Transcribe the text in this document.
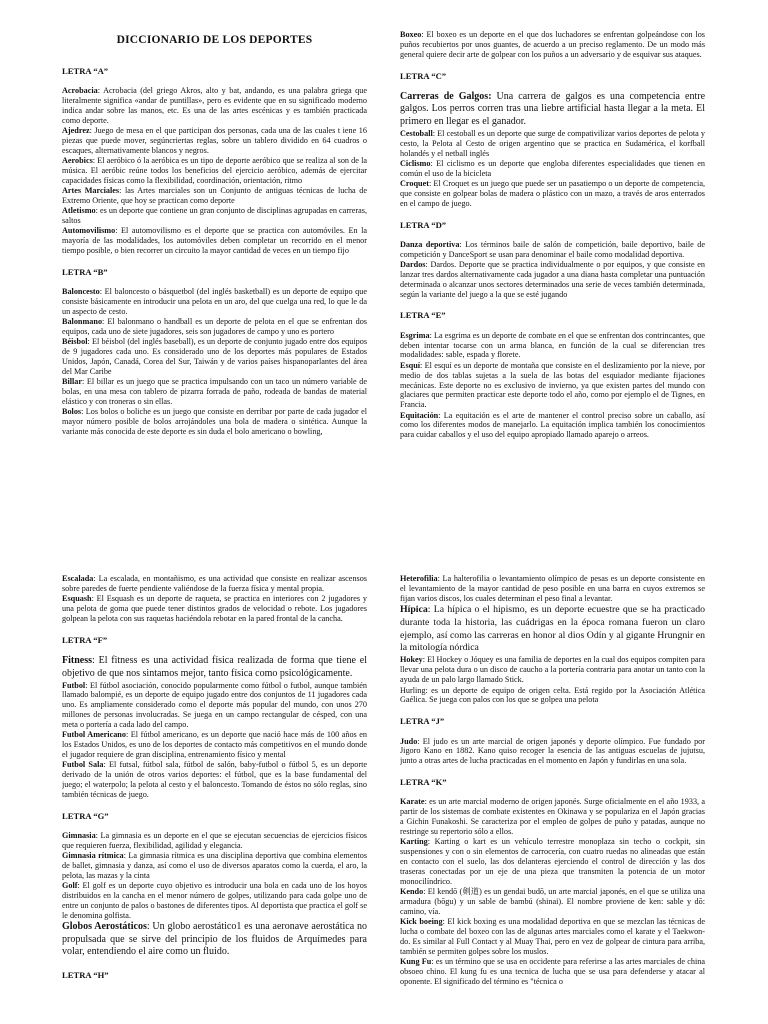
DICCIONARIO DE LOS DEPORTES
LETRA “A”

Acrobacia: Acrobacia (del griego Akros, alto y bat, andando, es una palabra griega que literalmente significa «andar de puntillas», pero es evidente que en su significado moderno indica andar sobre las manos, etc. Es una de las artes escénicas y es también practicada como deporte.

Ajedrez: Juego de mesa en el que participan dos personas, cada una de las cuales t iene 16 piezas que puede mover, segúncriertas reglas, sobre un tablero dividido en 64 cuadros o escaques, alternativamente blancos y negros.

Aerobics: El aeróbico ó la aeróbica es un tipo de deporte aeróbico que se realiza al son de la música. El aeróbic reúne todos los beneficios del ejercicio aeróbico, además de ejercitar capacidades físicas como la flexibilidad, coordinación, orientación, ritmo

Artes Marciales: las Artes marciales son un Conjunto de antiguas técnicas de lucha de Extremo Oriente, que hoy se practican como deporte

Atletismo: es un deporte que contiene un gran conjunto de disciplinas agrupadas en carreras, saltos

Automovilismo: El automovilismo es el deporte que se practica con automóviles. En la mayoría de las modalidades, los automóviles deben completar un recorrido en el menor tiempo posible, o bien recorrer un circuito la mayor cantidad de veces en un tiempo fijo

LETRA “B”

Baloncesto: El baloncesto o básquetbol (del inglés basketball) es un deporte de equipo que consiste básicamente en introducir una pelota en un aro, del que cuelga una red, lo que le da un aspecto de cesto.

Balonmano: El balonmano o handball es un deporte de pelota en el que se enfrentan dos equipos, cada uno de siete jugadores, seis son jugadores de campo y uno es portero

Béisbol: El béisbol (del inglés baseball), es un deporte de conjunto jugado entre dos equipos de 9 jugadores cada uno. Es considerado uno de los deportes más populares de Estados Unidos, Japón, Canadá, Corea del Sur, Taiwán y de varios países hispanoparlantes del área del Mar Caribe

Billar: El billar es un juego que se practica impulsando con un taco un número variable de bolas, en una mesa con tablero de pizarra forrada de paño, rodeada de bandas de material elástico y con troneras o sin ellas.

Bolos: Los bolos o boliche es un juego que consiste en derribar por parte de cada jugador el mayor número posible de bolos arrojándoles una bola de madera o sintética. Aunque la variante más conocida de este deporte es sin duda el bolo americano o bowling,

Boxeo: El boxeo es un deporte en el que dos luchadores se enfrentan golpeándose con los puños recubiertos por unos guantes, de acuerdo a un preciso reglamento. De un modo más general quiere decir arte de golpear con los puños a un adversario y de esquivar sus ataques.

LETRA “C”

Carreras de Galgos: Una carrera de galgos es una competencia entre galgos. Los perros corren tras una liebre artificial hasta llegar a la meta. El primero en llegar es el ganador.

Cestoball: El cestoball es un deporte que surge de compativilizar varios deportes de pelota y cesto, la Pelota al Cesto de origen argentino que se practica en Sudamérica, el korfball holandés y el netball inglés

Ciclismo: El ciclismo es un deporte que engloba diferentes especialidades que tienen en común el uso de la bicicleta

Croquet: El Croquet es un juego que puede ser un pasatiempo o un deporte de competencia, que consiste en golpear bolas de madera o plástico con un mazo, a través de aros enterrados en el campo de juego.

LETRA “D”

Danza deportiva: Los términos baile de salón de competición, baile deportivo, baile de competición y DanceSport se usan para denominar el baile como modalidad deportiva.

Dardos: Dardos. Deporte que se practica individualmente o por equipos, y que consiste en lanzar tres dardos alternativamente cada jugador a una diana hasta completar una puntuación determinada o alcanzar unos sectores determinados una serie de veces también determinada, según la variante del juego a la que se esté jugando

LETRA “E”

Esgrima: La esgrima es un deporte de combate en el que se enfrentan dos contrincantes, que deben intentar tocarse con un arma blanca, en función de la cual se diferencian tres modalidades: sable, espada y florete.

Esquí: El esquí es un deporte de montaña que consiste en el deslizamiento por la nieve, por medio de dos tablas sujetas a la suela de las botas del esquiador mediante fijaciones mecánicas. Este deporte no es exclusivo de invierno, ya que existen partes del mundo con glaciares que permiten practicar este deporte todo el año, como por ejemplo el de Tignes, en Francia.

Equitación: La equitación es el arte de mantener el control preciso sobre un caballo, así como los diferentes modos de manejarlo. La equitación implica también los conocimientos para cuidar caballos y el uso del equipo apropiado llamado aparejo o arreos.

Escalada: La escalada, en montañismo, es una actividad que consiste en realizar ascensos sobre paredes de fuerte pendiente valiéndose de la fuerza física y mental propia.

Esquash: El Esquash es un deporte de raqueta, se practica en interiores con 2 jugadores y una pelota de goma que puede tener distintos grados de velocidad o rebote. Los jugadores golpean la pelota con sus raquetas haciéndola rebotar en la pared frontal de la cancha.

LETRA “F”

Fitness: El fitness es una actividad física realizada de forma que tiene el objetivo de que nos sintamos mejor, tanto física como psicológicamente.

Futbol: El fútbol asociación, conocido popularmente como fútbol o futbol, aunque también llamado balompié, es un deporte de equipo jugado entre dos conjuntos de 11 jugadores cada uno. Es ampliamente considerado como el deporte más popular del mundo, con unos 270 millones de personas involucradas. Se juega en un campo rectangular de césped, con una meta o portería a cada lado del campo.

Futbol Americano: El fútbol americano, es un deporte que nació hace más de 100 años en los Estados Unidos, es uno de los deportes de contacto más competitivos en el mundo donde el jugador requiere de gran disciplina, entrenamiento físico y mental

Futbol Sala: El futsal, fútbol sala, fútbol de salón, baby-futbol o fútbol 5, es un deporte derivado de la unión de otros varios deportes: el fútbol, que es la base fundamental del juego; el waterpolo; la pelota al cesto y el baloncesto. Tomando de éstos no sólo reglas, sino también técnicas de juego.

LETRA “G”

Gimnasia: La gimnasia es un deporte en el que se ejecutan secuencias de ejercicios físicos que requieren fuerza, flexibilidad, agilidad y elegancia.

Gimnasia rítmica: La gimnasia rítmica es una disciplina deportiva que combina elementos de ballet, gimnasia y danza, así como el uso de diversos aparatos como la cuerda, el aro, la pelota, las mazas y la cinta

Golf: El golf es un deporte cuyo objetivo es introducir una bola en cada uno de los hoyos distribuidos en la cancha en el menor número de golpes, utilizando para cada golpe uno de entre un conjunto de palos o bastones de diferentes tipos. Al deportista que practica el golf se le denomina golfista.

Globos Aerostáticos: Un globo aerostático1 es una aeronave aerostática no propulsada que se sirve del principio de los fluidos de Arquímedes para volar, entendiendo el aire como un fluido.

LETRA “H”

Heterofilia: La halterofilia o levantamiento olímpico de pesas es un deporte consistente en el levantamiento de la mayor cantidad de peso posible en una barra en cuyos extremos se fijan varios discos, los cuales determinan el peso final a levantar.

Hípica: La hípica o el hipismo, es un deporte ecuestre que se ha practicado durante toda la historia, las cuádrigas en la época romana fueron un claro ejemplo, así como las carreras en honor al dios Odín y al gigante Hrungnir en la mitología nórdica

Hokey: El Hockey o Jóquey es una familia de deportes en la cual dos equipos compiten para llevar una pelota dura o un disco de caucho a la portería contraria para anotar un tanto con la ayuda de un palo largo llamado Stick.

Hurling: es un deporte de equipo de origen celta. Está regido por la Asociación Atlética Gaélica. Se juega con palos con los que se golpea una pelota

LETRA “J”

Judo: El judo es un arte marcial de origen japonés y deporte olímpico. Fue fundado por Jigoro Kano en 1882. Kano quiso recoger la esencia de las antiguas escuelas de jujutsu, junto a otras artes de lucha practicadas en el momento en Japón y fundirlas en una sola.

LETRA “K”

Karate: es un arte marcial moderno de origen japonés. Surge oficialmente en el año 1933, a partir de los sistemas de combate existentes en Okinawa y se populariza en el Japón gracias a Gichin Funakoshi. Se caracteriza por el empleo de golpes de puño y patadas, aunque no restringe su repertorio sólo a ellos.

Karting: Karting o kart es un vehículo terrestre monoplaza sin techo o cockpit, sin suspensiones y con o sin elementos de carrocería, con cuatro ruedas no alineadas que están en contacto con el suelo, las dos delanteras ejerciendo el control de dirección y las dos traseras conectadas por un eje de una pieza que transmiten la potencia de un motor monocilíndrico.

Kendo: El kendō (剣道) es un gendai budō, un arte marcial japonés, en el que se utiliza una armadura (bōgu) y un sable de bambú (shinai). El nombre proviene de ken: sable y dō: camino, vía.

Kick boeing: El kick boxing es una modalidad deportiva en que se mezclan las técnicas de lucha o combate del boxeo con las de algunas artes marciales como el karate y el Taekwon-do. Es similar al Full Contact y al Muay Thai, pero en vez de golpear de cintura para arriba, también se permiten golpes sobre los muslos.

Kung Fu: es un término que se usa en occidente para referirse a las artes marciales de china obsoeo chino. El kung fu es una tecnica de lucha que se usa para defenderse y atacar al oponente. El significado del término es "técnica o
